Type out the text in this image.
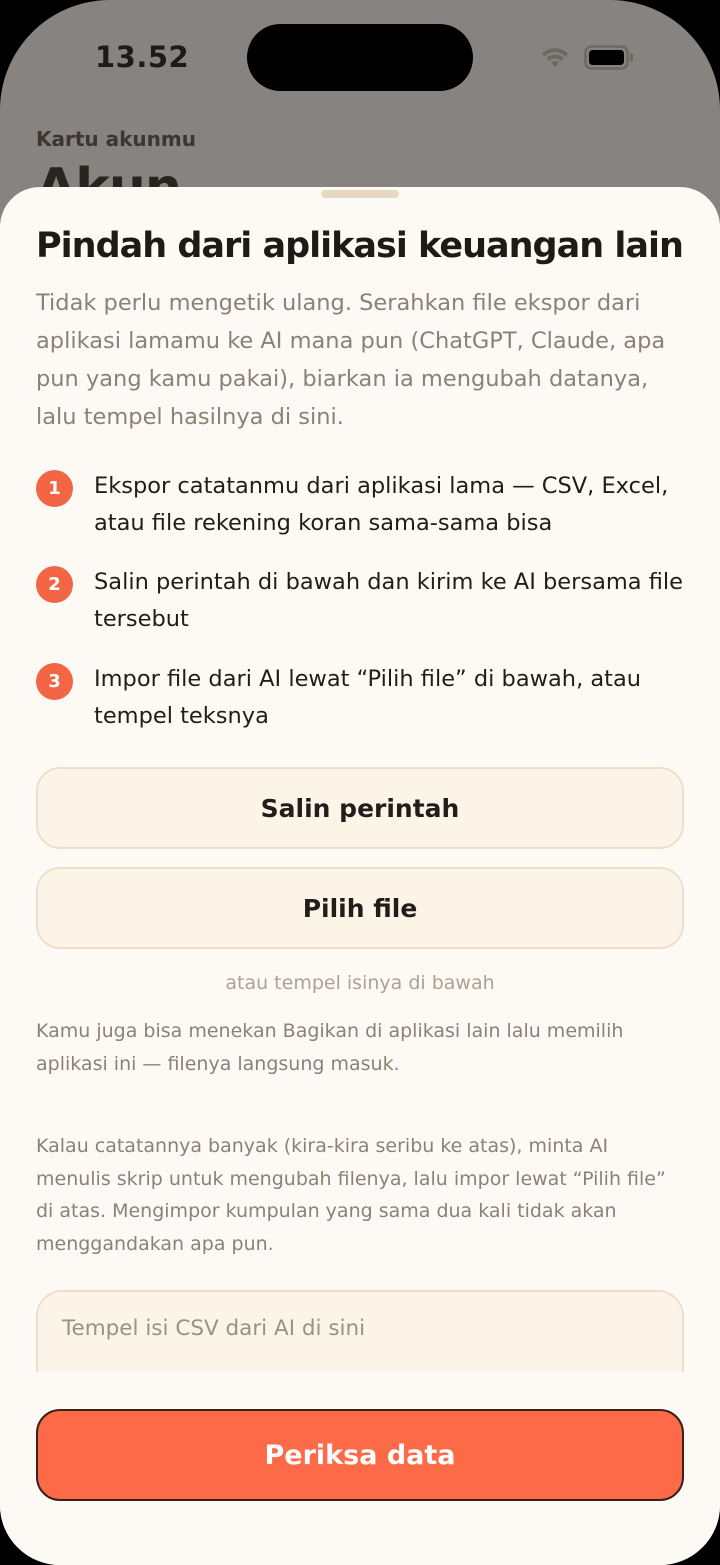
13.52
Kartu akunmu
Pindah dari aplikasi keuangan lain
Tidak perlu mengetik ulang. Serahkan file ekspor dari aplikasi lamamu ke AI mana pun (ChatGPT, Claude, apa pun yang kamu pakai), biarkan ia mengubah datanya, lalu tempel hasilnya di sini.
1	Ekspor catatanmu dari aplikasi lama — CSV, Excel, atau file rekening koran sama-sama bisa
2	Salin perintah di bawah dan kirim ke AI bersama file tersebut
3	Impor file dari AI lewat “Pilih file” di bawah, atau tempel teksnya
Salin perintah
Pilih file
atau tempel isinya di bawah
Kamu juga bisa menekan Bagikan di aplikasi lain lalu memilih aplikasi ini — filenya langsung masuk.
Kalau catatannya banyak (kira-kira seribu ke atas), minta AI menulis skrip untuk mengubah filenya, lalu impor lewat “Pilih file” di atas. Mengimpor kumpulan yang sama dua kali tidak akan menggandakan apa pun.
Tempel isi CSV dari AI di sini
Periksa data
